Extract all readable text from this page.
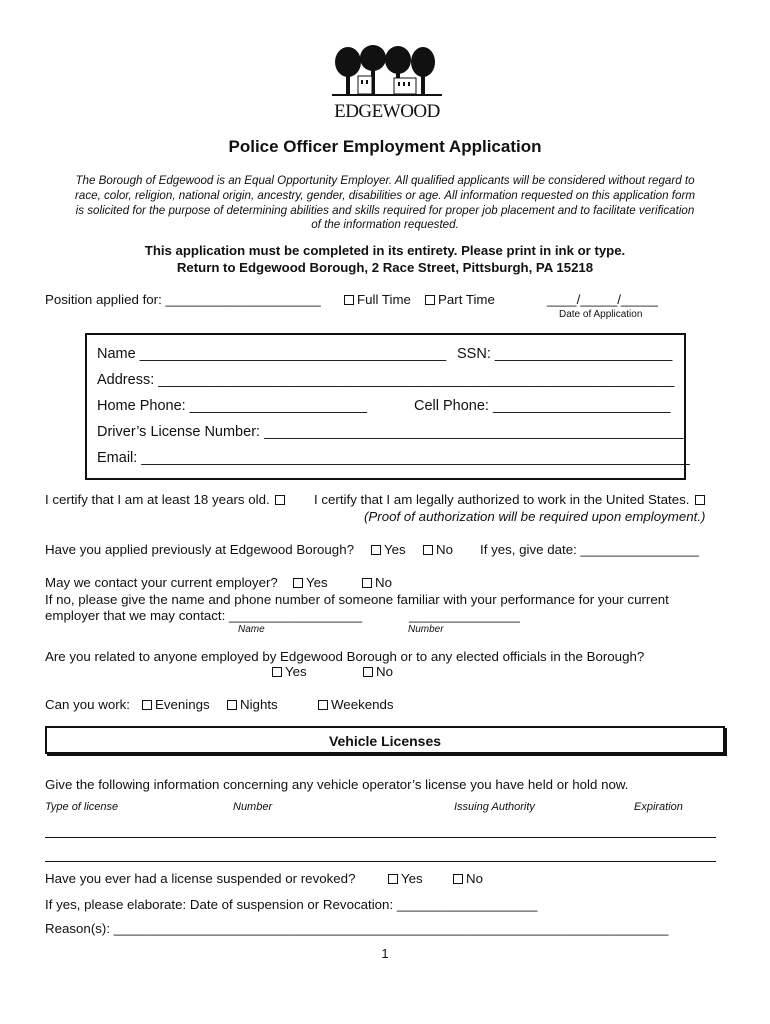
EDGEWOOD
Police Officer Employment Application
The Borough of Edgewood is an Equal Opportunity Employer. All qualified applicants will be considered without regard to
race, color, religion, national origin, ancestry, gender, disabilities or age. All information requested on this application form
is solicited for the purpose of determining abilities and skills required for proper job placement and to facilitate verification
of the information requested.
This application must be completed in its entirety. Please print in ink or type.
Return to Edgewood Borough, 2 Race Street, Pittsburgh, PA 15218
Position applied for: _____________________	Full Time	Part Time	____/_____/_____
Date of Application
Name ______________________________________ SSN: ______________________
Address: ________________________________________________________________
Home Phone: ______________________	Cell Phone: ______________________
Driver’s License Number: ____________________________________________________
Email: ____________________________________________________________________
I certify that I am at least 18 years old.	I certify that I am legally authorized to work in the United States.
(Proof of authorization will be required upon employment.)
Have you applied previously at Edgewood Borough?	Yes	No If yes, give date: ________________
May we contact your current employer?	Yes	No
If no, please give the name and phone number of someone familiar with your performance for your current
employer that we may contact: __________________	_______________
Name	Number
Are you related to anyone employed by Edgewood Borough or to any elected officials in the Borough?
Yes	No
Can you work:	Evenings	Nights	Weekends
Vehicle Licenses
Give the following information concerning any vehicle operator’s license you have held or hold now.
Type of license	Number	Issuing Authority	Expiration
Have you ever had a license suspended or revoked?	Yes	No
If yes, please elaborate: Date of suspension or Revocation: ___________________
Reason(s): ___________________________________________________________________________
1
